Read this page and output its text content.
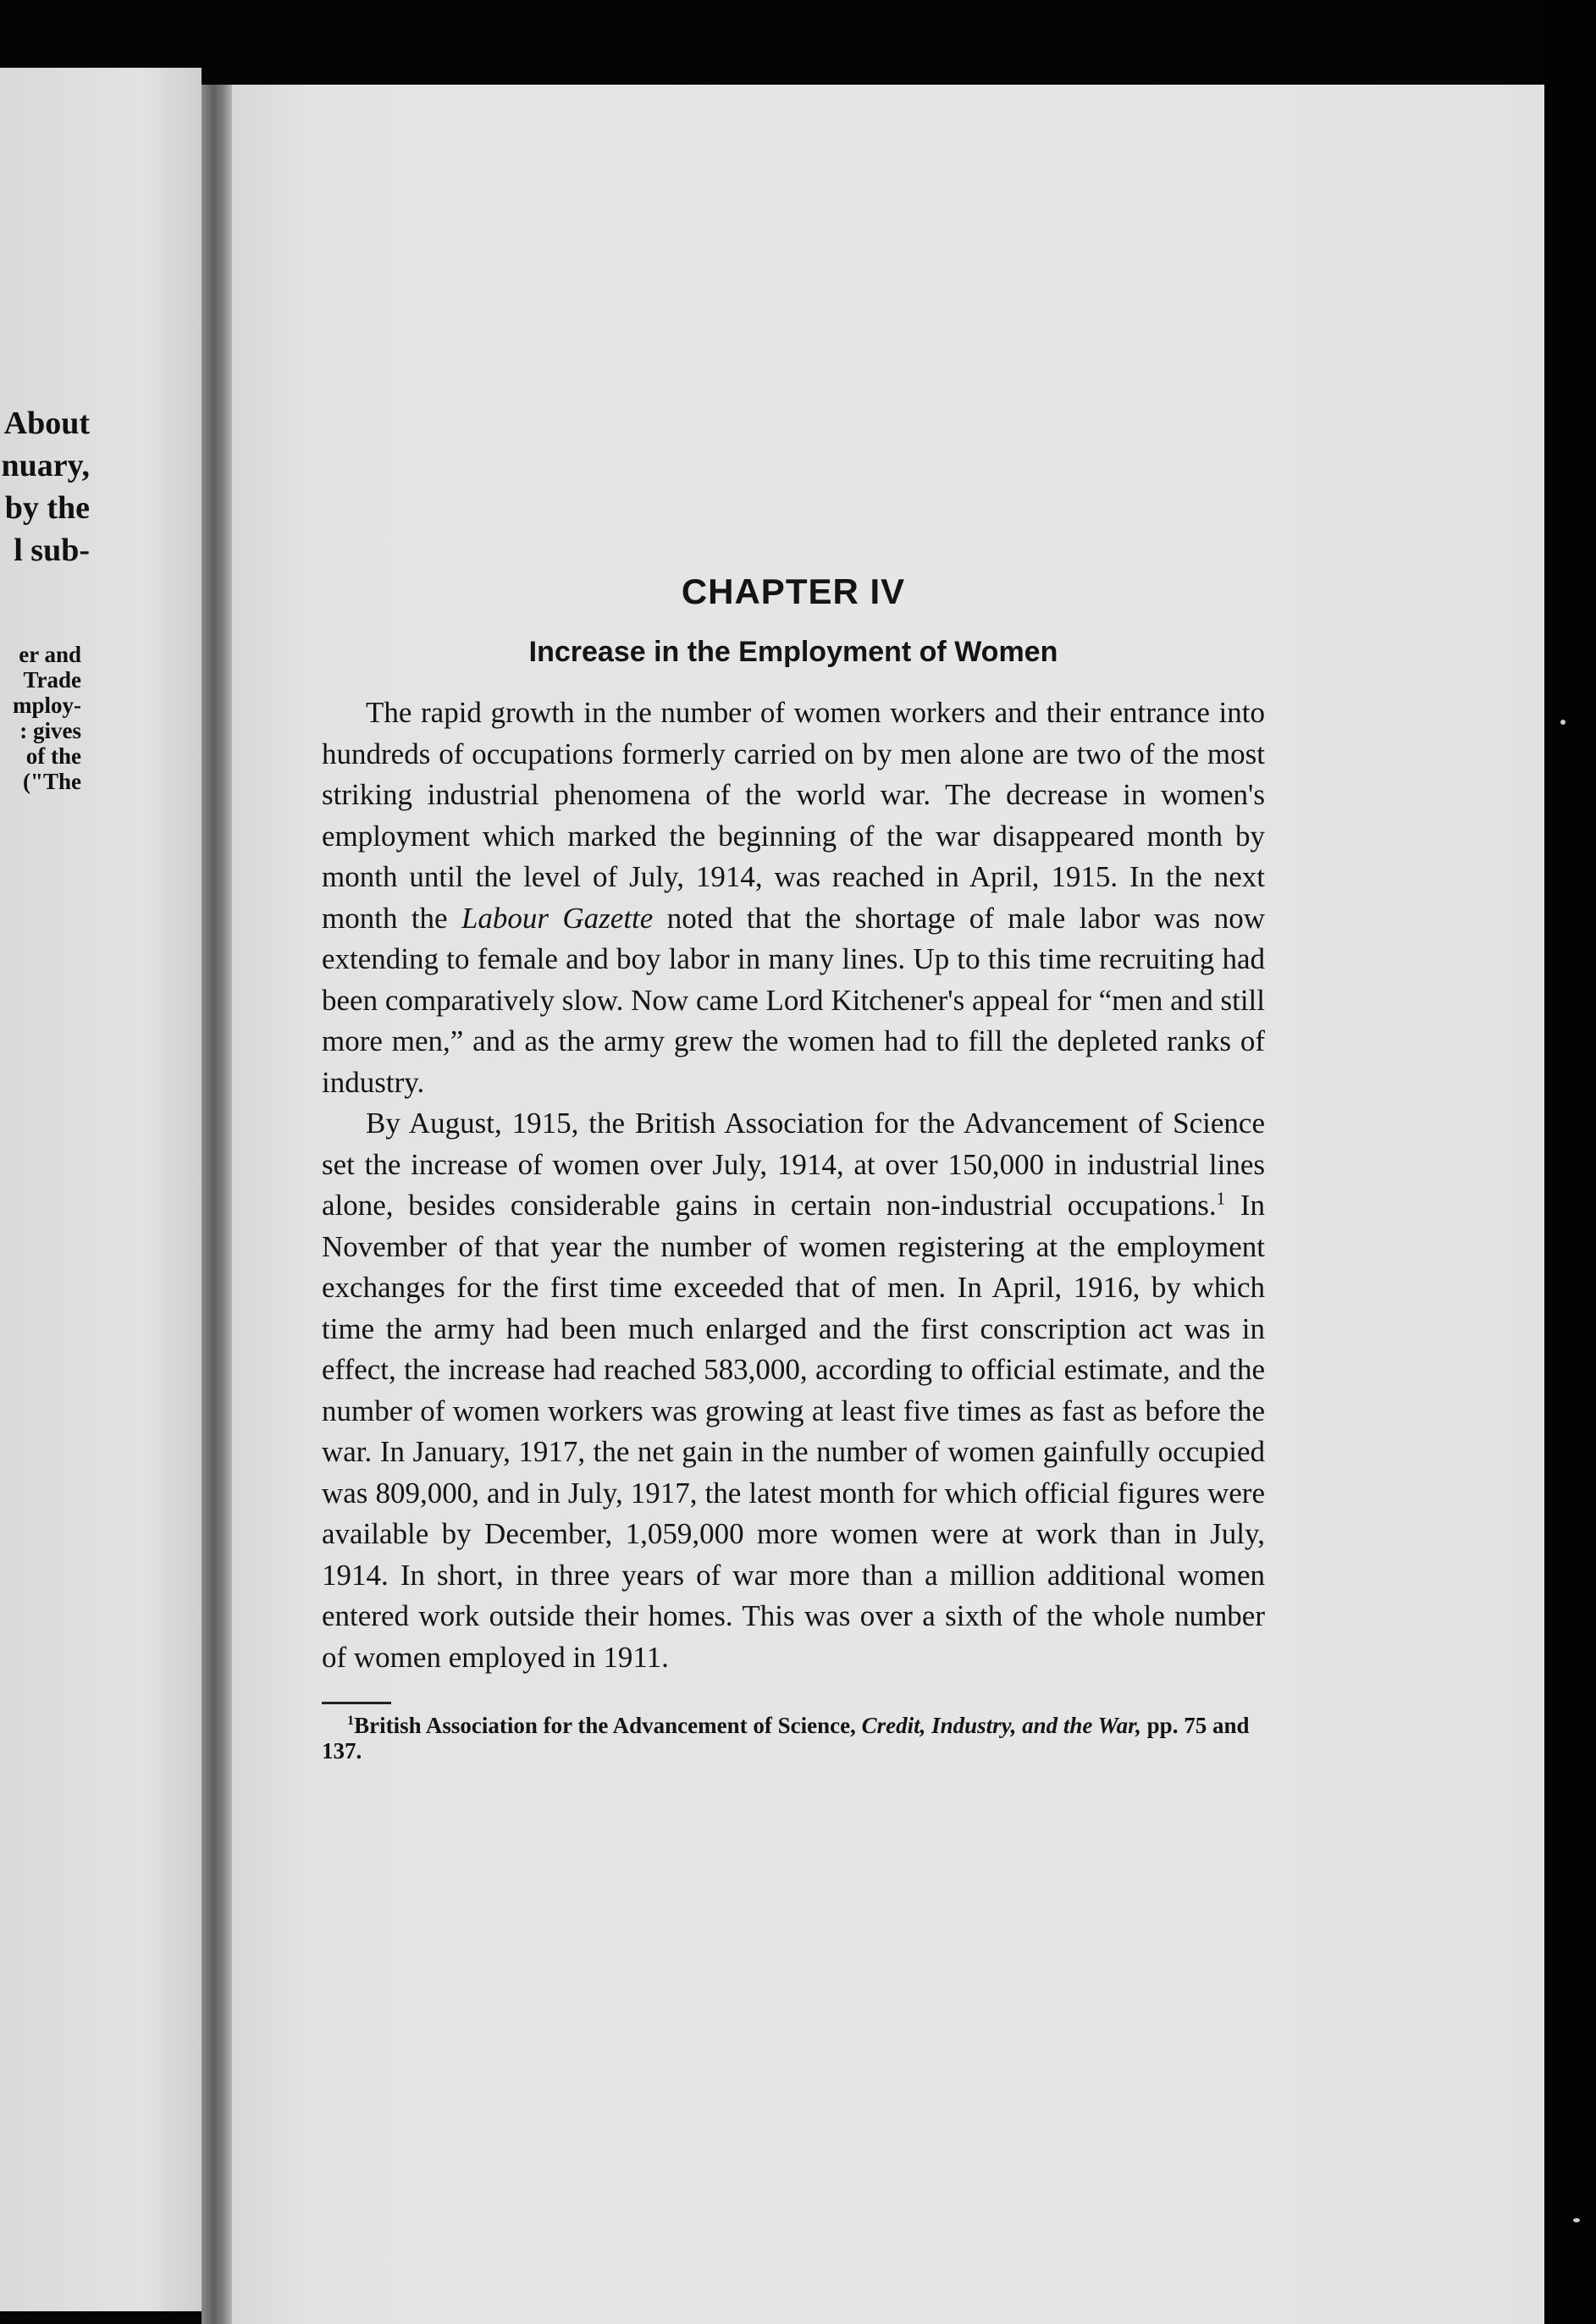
About
nuary,
by the
l sub-
er and
Trade
mploy-
: gives
of the
("The
CHAPTER IV
Increase in the Employment of Women

The rapid growth in the number of women workers and their entrance into hundreds of occupations formerly carried on by men alone are two of the most striking industrial phenomena of the world war. The decrease in women's employment which marked the beginning of the war disappeared month by month until the level of July, 1914, was reached in April, 1915. In the next month the Labour Gazette noted that the shortage of male labor was now extending to female and boy labor in many lines. Up to this time recruiting had been comparatively slow. Now came Lord Kitchener's appeal for “men and still more men,” and as the army grew the women had to fill the depleted ranks of industry.

By August, 1915, the British Association for the Advancement of Science set the increase of women over July, 1914, at over 150,000 in industrial lines alone, besides considerable gains in certain non-industrial occupations.$^1$ In November of that year the number of women registering at the employment exchanges for the first time exceeded that of men. In April, 1916, by which time the army had been much enlarged and the first conscription act was in effect, the increase had reached 583,000, according to official estimate, and the number of women workers was growing at least five times as fast as before the war. In January, 1917, the net gain in the number of women gainfully occupied was 809,000, and in July, 1917, the latest month for which official figures were available by December, 1,059,000 more women were at work than in July, 1914. In short, in three years of war more than a million additional women entered work outside their homes. This was over a sixth of the whole number of women employed in 1911.

$^1$British Association for the Advancement of Science, Credit, Industry, and the War, pp. 75 and 137.
